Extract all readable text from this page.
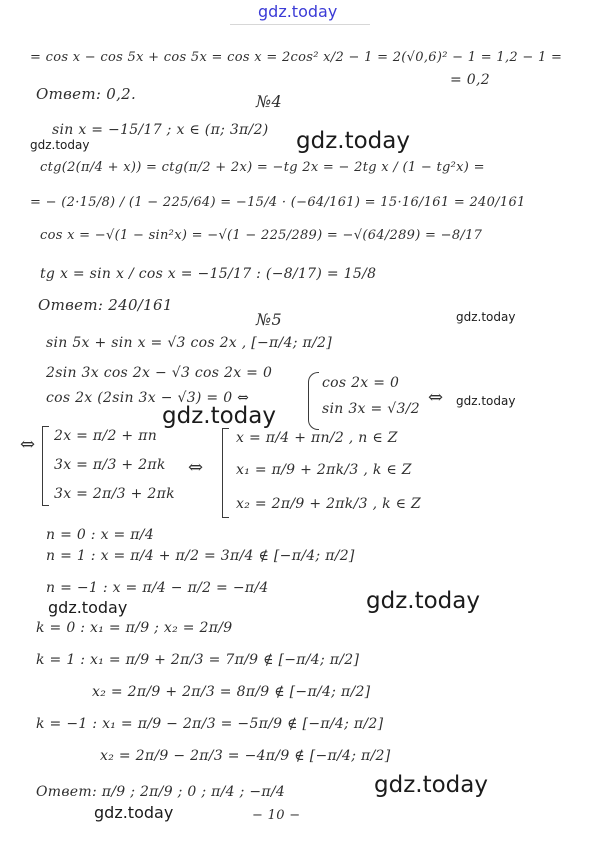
gdz.today
= cos x − cos 5x + cos 5x = cos x = 2cos² x/2 − 1 = 2(√0,6)² − 1 = 1,2 − 1 =
= 0,2
Ответ: 0,2.	№4
sin x = −15/17 ; x ∈ (π; 3π/2)
ctg(2(π/4 + x)) = ctg(π/2 + 2x) = −tg 2x = − 2tg x / (1 − tg²x) =
= − (2·15/8) / (1 − 225/64) = −15/4 · (−64/161) = 15·16/161 = 240/161
cos x = −√(1 − sin²x) = −√(1 − 225/289) = −√(64/289) = −8/17
tg x = sin x / cos x = −15/17 : (−8/17) = 15/8
Ответ: 240/161
№5
sin 5x + sin x = √3 cos 2x , [−π/4; π/2]
2sin 3x cos 2x − √3 cos 2x = 0
cos 2x (2sin 3x − √3) = 0 ⇔
cos 2x = 0
sin 3x = √3/2
⇔
⇔ 2x = π/2 + πn
3x = π/3 + 2πk
3x = 2π/3 + 2πk
⇔
x = π/4 + πn/2 , n ∈ Z
x₁ = π/9 + 2πk/3 , k ∈ Z
x₂ = 2π/9 + 2πk/3 , k ∈ Z
n = 0 : x = π/4
n = 1 : x = π/4 + π/2 = 3π/4 ∉ [−π/4; π/2]
n = −1 : x = π/4 − π/2 = −π/4
k = 0 : x₁ = π/9 ; x₂ = 2π/9
k = 1 : x₁ = π/9 + 2π/3 = 7π/9 ∉ [−π/4; π/2]
x₂ = 2π/9 + 2π/3 = 8π/9 ∉ [−π/4; π/2]
k = −1 : x₁ = π/9 − 2π/3 = −5π/9 ∉ [−π/4; π/2]
x₂ = 2π/9 − 2π/3 = −4π/9 ∉ [−π/4; π/2]
Ответ: π/9 ; 2π/9 ; 0 ; π/4 ; −π/4
− 10 −
gdz.today
gdz.today
gdz.today
gdz.today
gdz.today
gdz.today
gdz.today
gdz.today
gdz.today
